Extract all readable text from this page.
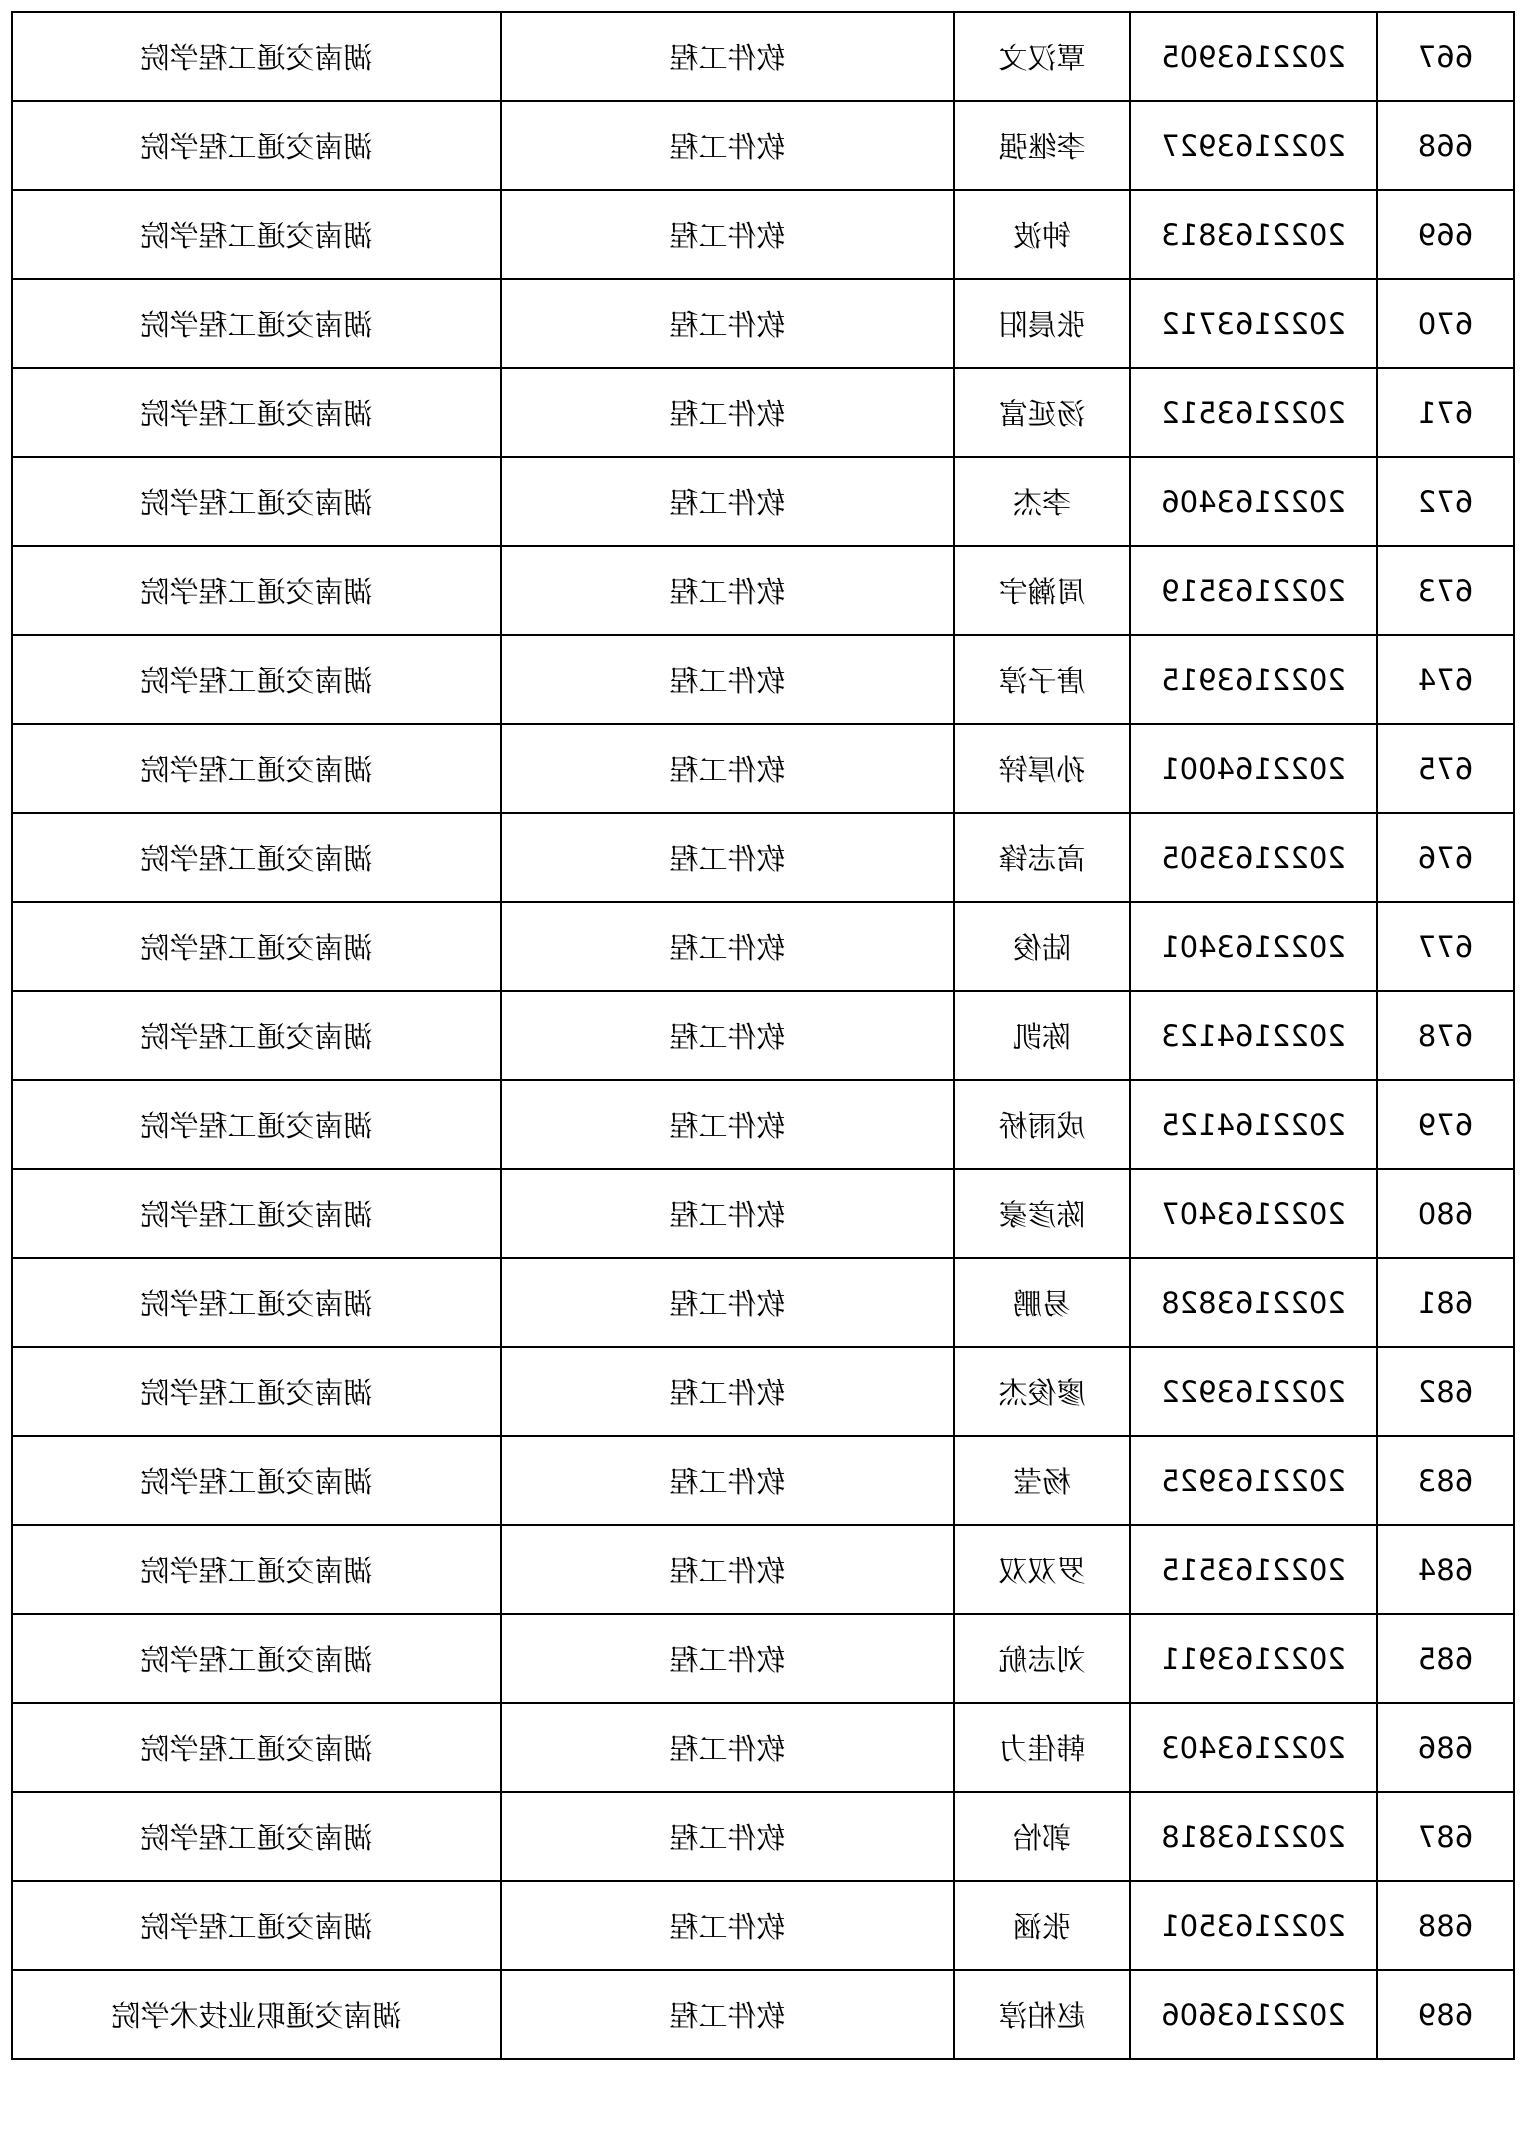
667	2022163905	覃汉文	软件工程	湖南交通工程学院
668	2022163927	李继强	软件工程	湖南交通工程学院
669	2022163813	钟波	软件工程	湖南交通工程学院
670	2022163712	张晨阳	软件工程	湖南交通工程学院
671	2022163512	汤延富	软件工程	湖南交通工程学院
672	2022163406	李杰	软件工程	湖南交通工程学院
673	2022163519	周瀚宇	软件工程	湖南交通工程学院
674	2022163915	唐子淳	软件工程	湖南交通工程学院
675	2022164001	孙厚锌	软件工程	湖南交通工程学院
676	2022163505	高志锋	软件工程	湖南交通工程学院
677	2022163401	陆俊	软件工程	湖南交通工程学院
678	2022164123	陈凯	软件工程	湖南交通工程学院
679	2022164125	成雨桥	软件工程	湖南交通工程学院
680	2022163407	陈彦豪	软件工程	湖南交通工程学院
681	2022163828	易鹏	软件工程	湖南交通工程学院
682	2022163922	廖俊杰	软件工程	湖南交通工程学院
683	2022163925	杨莹	软件工程	湖南交通工程学院
684	2022163515	罗双双	软件工程	湖南交通工程学院
685	2022163911	刘志航	软件工程	湖南交通工程学院
686	2022163403	韩佳力	软件工程	湖南交通工程学院
687	2022163818	郭怡	软件工程	湖南交通工程学院
688	2022163501	张涵	软件工程	湖南交通工程学院
689	2022163606	赵柏淳	软件工程	湖南交通职业技术学院
